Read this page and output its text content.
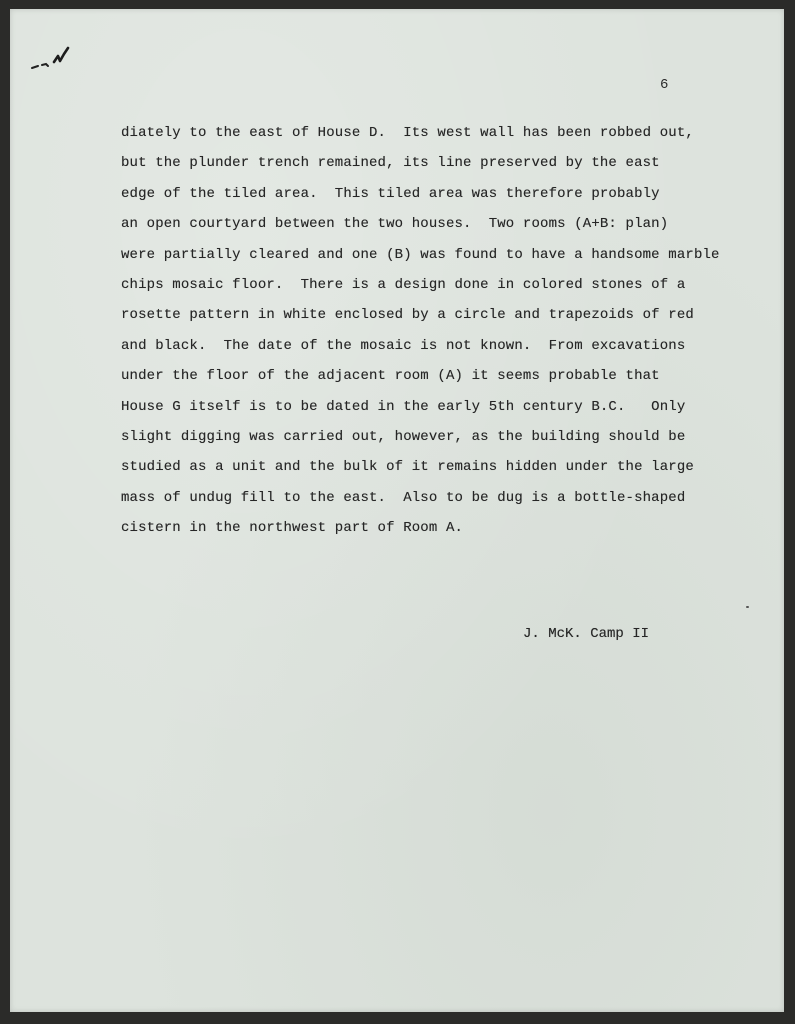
6

diately to the east of House D.  Its west wall has been robbed out,
but the plunder trench remained, its line preserved by the east
edge of the tiled area.  This tiled area was therefore probably
an open courtyard between the two houses.  Two rooms (A+B: plan)
were partially cleared and one (B) was found to have a handsome marble
chips mosaic floor.  There is a design done in colored stones of a
rosette pattern in white enclosed by a circle and trapezoids of red
and black.  The date of the mosaic is not known.  From excavations
under the floor of the adjacent room (A) it seems probable that
House G itself is to be dated in the early 5th century B.C.   Only
slight digging was carried out, however, as the building should be
studied as a unit and the bulk of it remains hidden under the large
mass of undug fill to the east.  Also to be dug is a bottle-shaped
cistern in the northwest part of Room A.

J. McK. Camp II
